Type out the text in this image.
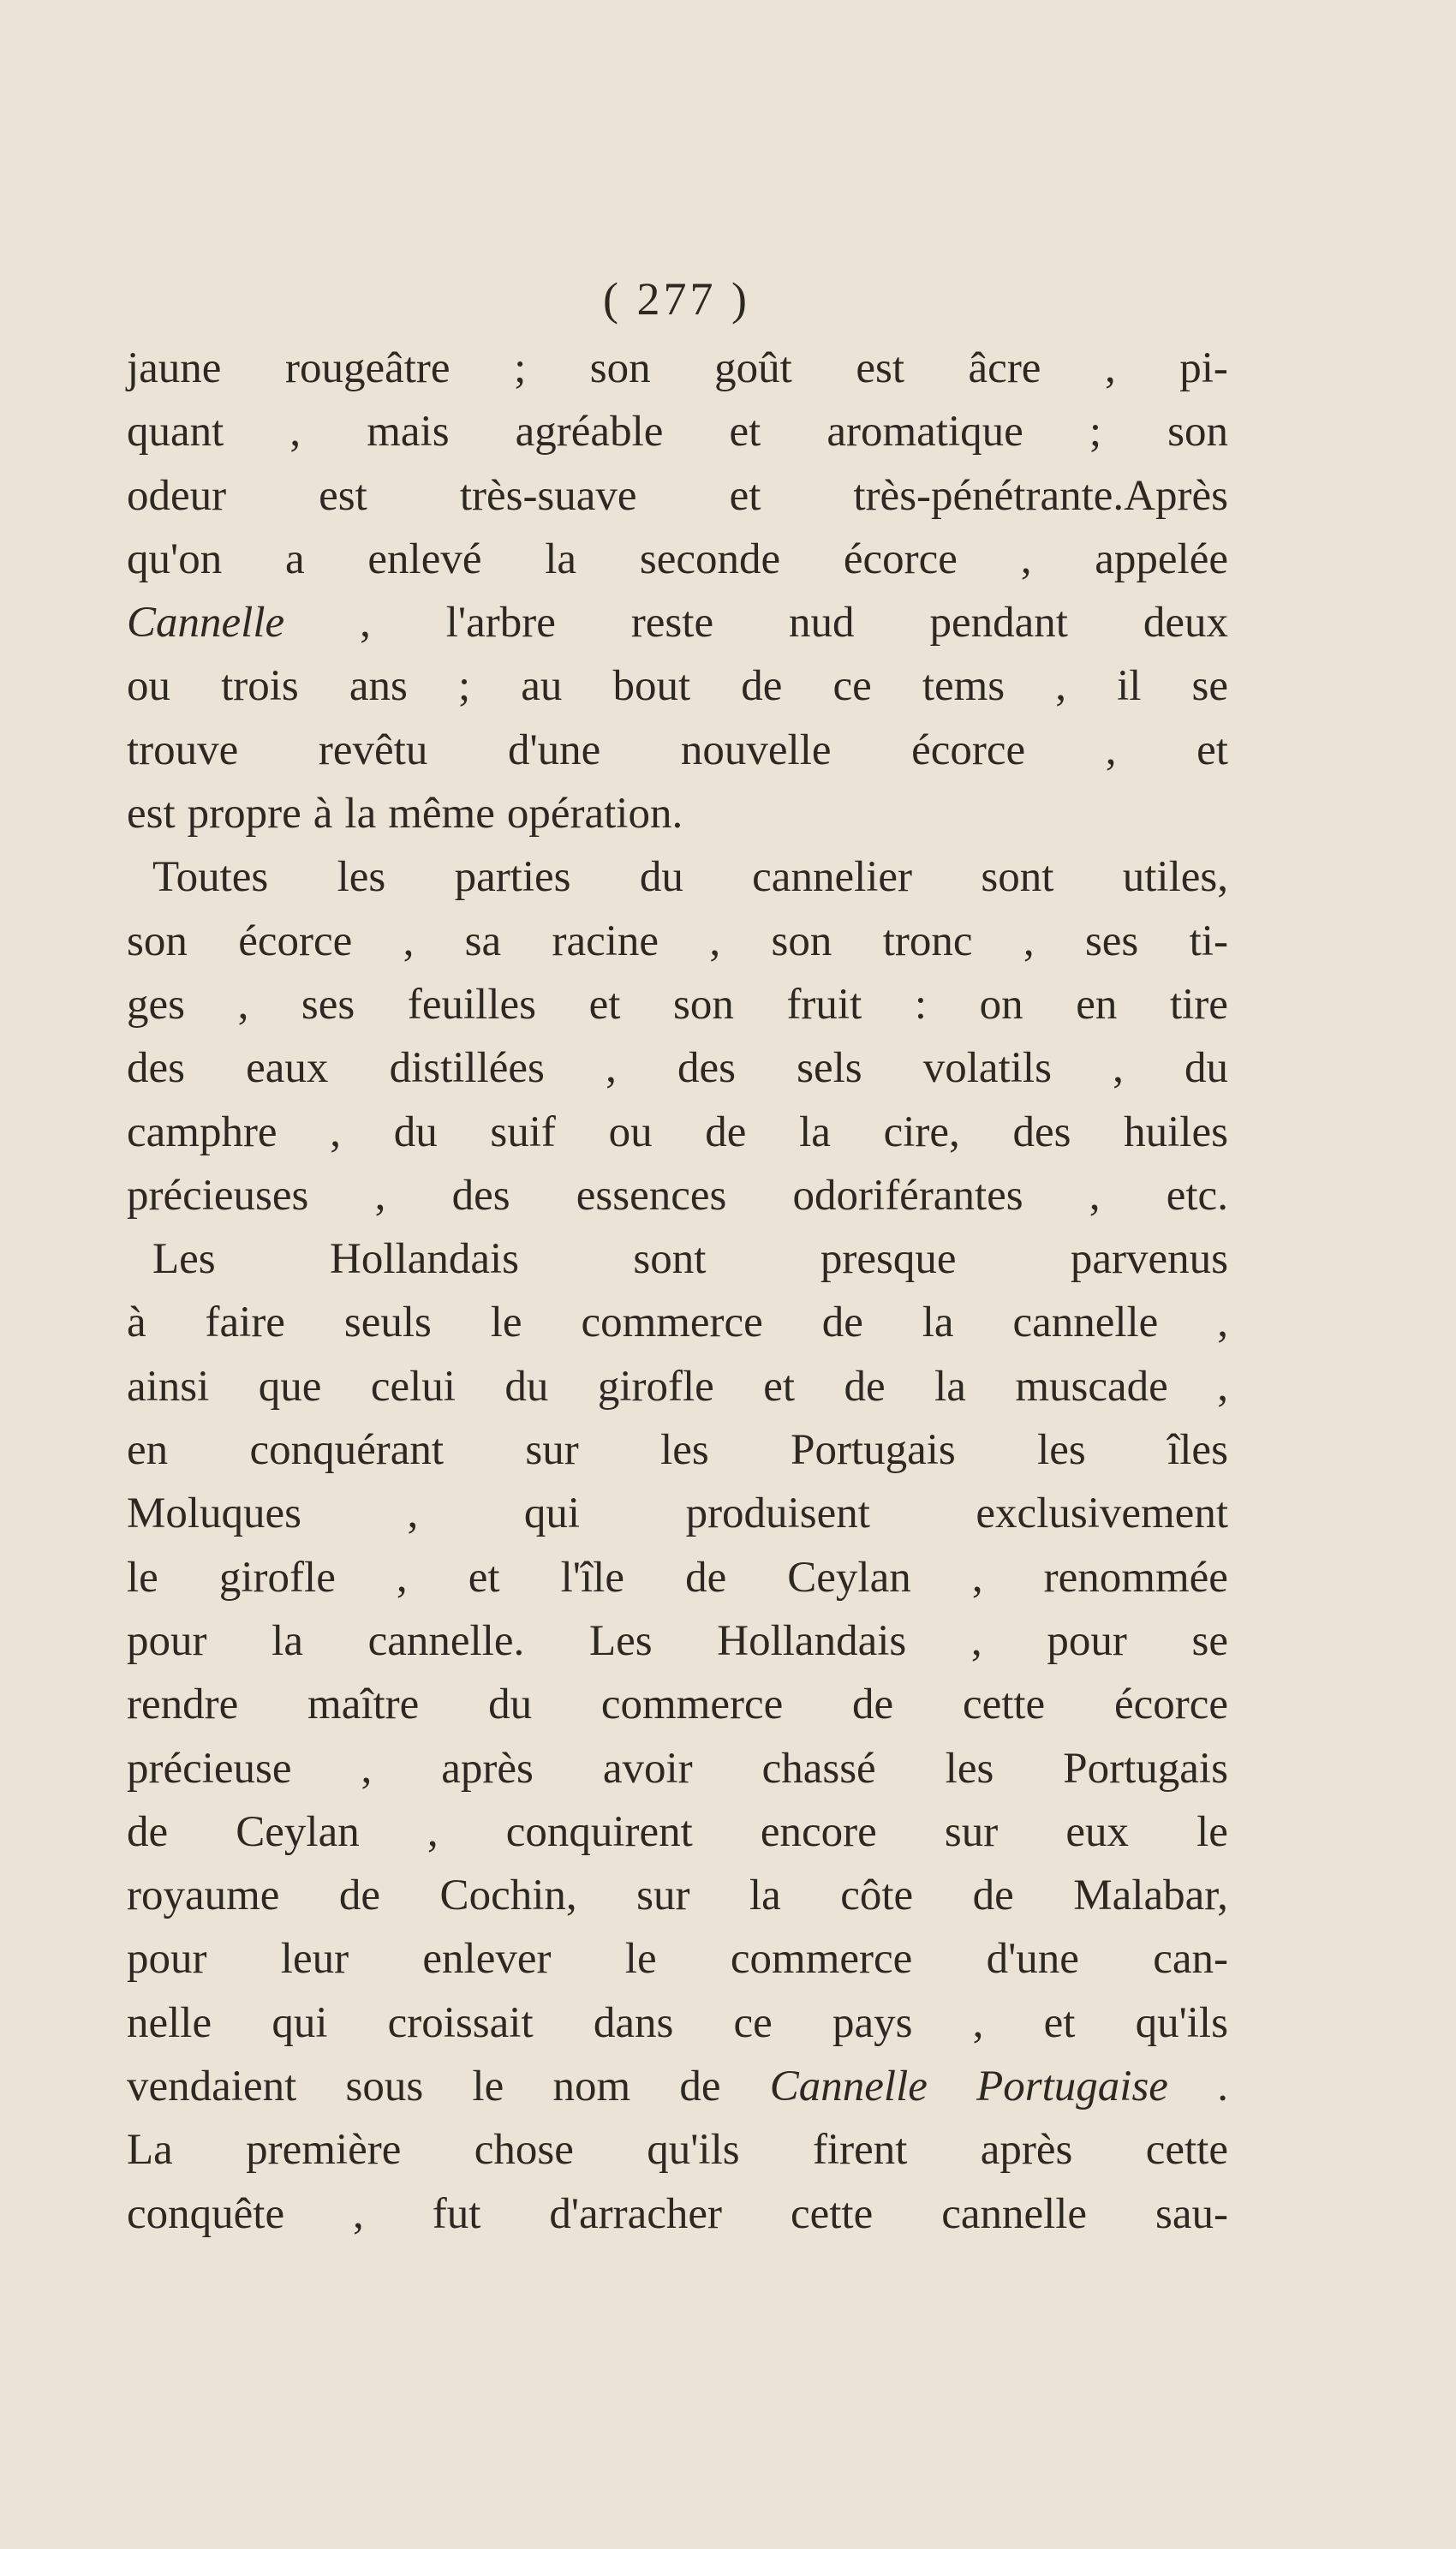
( 277 )
jaune rougeâtre ; son goût est âcre , pi-
quant , mais agréable et aromatique ; son
odeur est très-suave et très-pénétrante.Après
qu'on a enlevé la seconde écorce , appelée
Cannelle , l'arbre reste nud pendant deux
ou trois ans ; au bout de ce tems , il se
trouve revêtu d'une nouvelle écorce , et
est propre à la même opération.
Toutes les parties du cannelier sont utiles,
son écorce , sa racine , son tronc , ses ti-
ges , ses feuilles et son fruit : on en tire
des eaux distillées , des sels volatils , du
camphre , du suif ou de la cire, des huiles
précieuses , des essences odoriférantes , etc.
Les	Hollandais	sont	presque	parvenus
à faire seuls le commerce de la cannelle ,
ainsi que celui du girofle et de la muscade ,
en conquérant sur les Portugais les îles
Moluques , qui produisent exclusivement
le girofle , et l'île de Ceylan , renommée
pour la cannelle. Les Hollandais , pour se
rendre maître du commerce de cette écorce
précieuse , après avoir chassé les Portugais
de Ceylan , conquirent encore sur eux le
royaume de Cochin, sur la côte de Malabar,
pour leur enlever le commerce d'une can-
nelle qui croissait dans ce pays , et qu'ils
vendaient sous le nom de Cannelle Portugaise .
La première chose qu'ils firent après cette
conquête , fut d'arracher cette cannelle sau-
